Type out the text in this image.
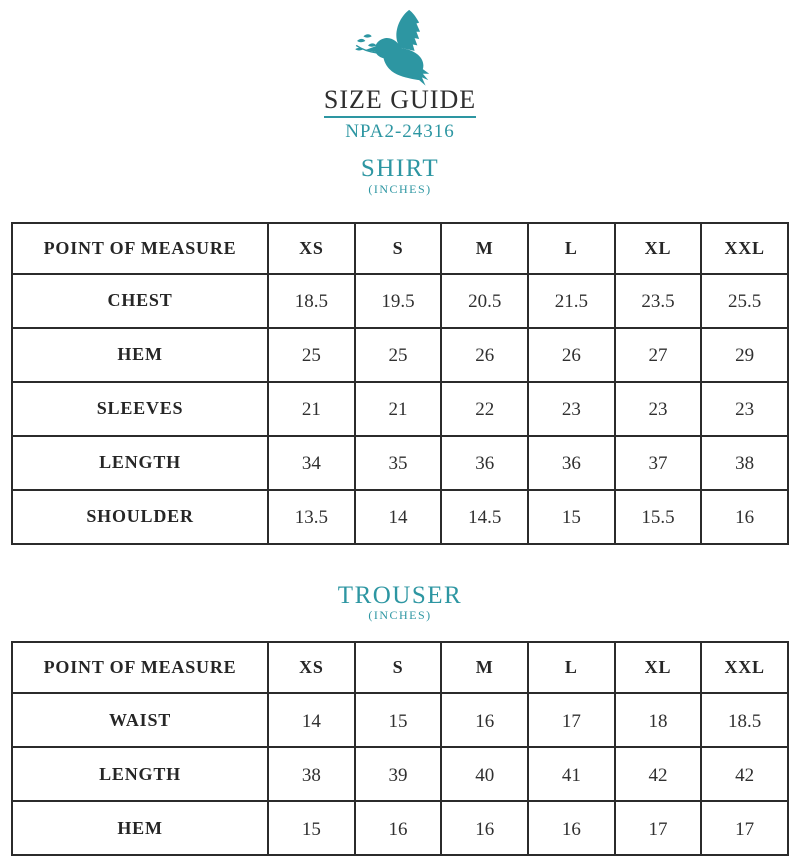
SIZE GUIDE
NPA2-24316
SHIRT
(INCHES)
POINT OF MEASURE	XS	S	M	L	XL	XXL
CHEST	18.5	19.5	20.5	21.5	23.5	25.5
HEM	25	25	26	26	27	29
SLEEVES	21	21	22	23	23	23
LENGTH	34	35	36	36	37	38
SHOULDER	13.5	14	14.5	15	15.5	16
TROUSER
(INCHES)
POINT OF MEASURE	XS	S	M	L	XL	XXL
WAIST	14	15	16	17	18	18.5
LENGTH	38	39	40	41	42	42
HEM	15	16	16	16	17	17
